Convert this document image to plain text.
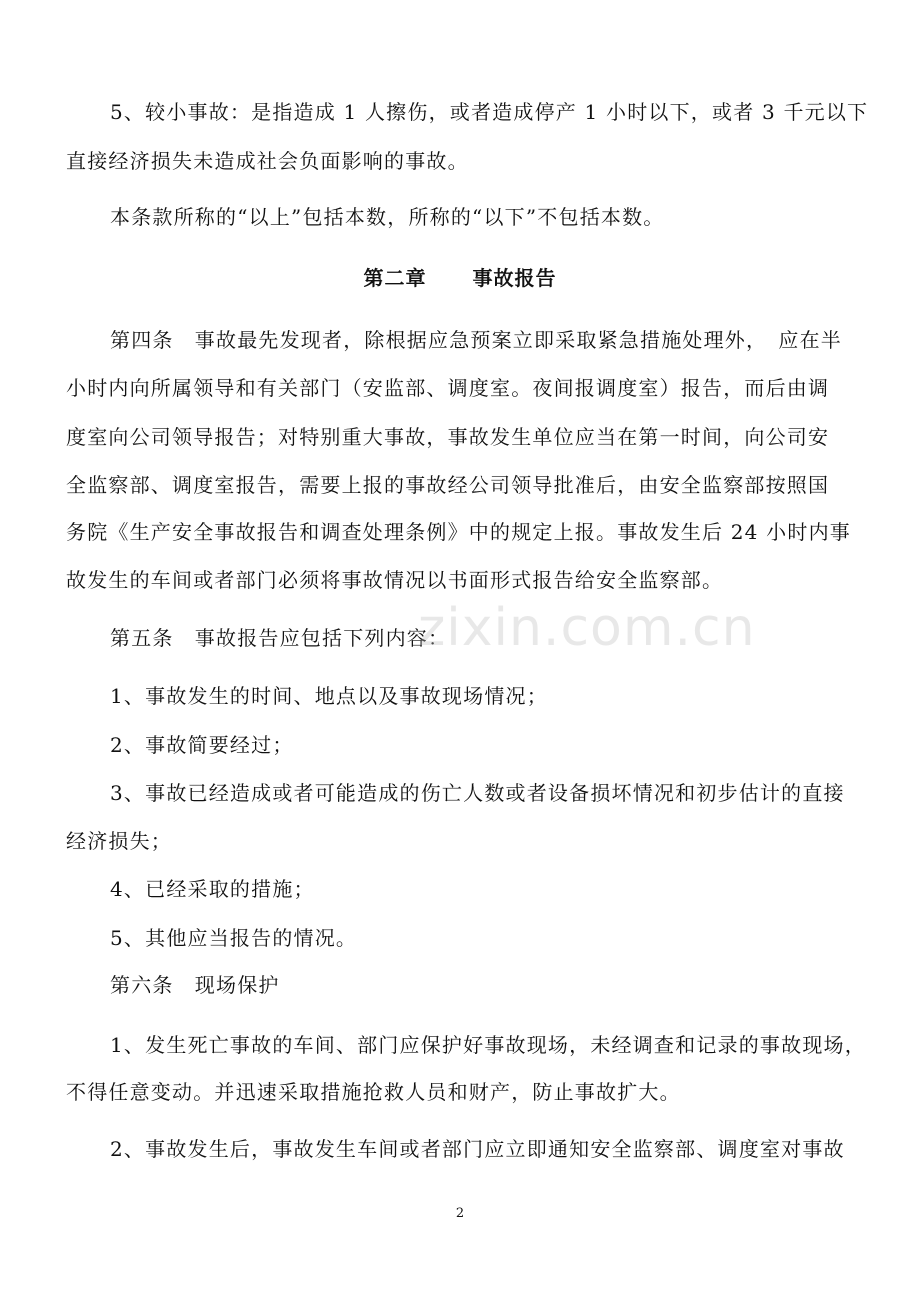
5、较小事故：是指造成 1 人擦伤，或者造成停产 1 小时以下，或者 3 千元以下
直接经济损失未造成社会负面影响的事故。
本条款所称的“以上”包括本数，所称的“以下”不包括本数。
第二章 事故报告
第四条　事故最先发现者，除根据应急预案立即采取紧急措施处理外，　应在半
小时内向所属领导和有关部门（安监部、调度室。夜间报调度室）报告，而后由调
度室向公司领导报告；对特别重大事故，事故发生单位应当在第一时间，向公司安
全监察部、调度室报告，需要上报的事故经公司领导批准后，由安全监察部按照国
务院《生产安全事故报告和调查处理条例》中的规定上报。事故发生后 24 小时内事
故发生的车间或者部门必须将事故情况以书面形式报告给安全监察部。
第五条　事故报告应包括下列内容：
1、事故发生的时间、地点以及事故现场情况；
2、事故简要经过；
3、事故已经造成或者可能造成的伤亡人数或者设备损坏情况和初步估计的直接
经济损失；
4、已经采取的措施；
5、其他应当报告的情况。
第六条　现场保护
1、发生死亡事故的车间、部门应保护好事故现场，未经调查和记录的事故现场，
不得任意变动。并迅速采取措施抢救人员和财产，防止事故扩大。
2、事故发生后，事故发生车间或者部门应立即通知安全监察部、调度室对事故
zixin.com.cn
2
